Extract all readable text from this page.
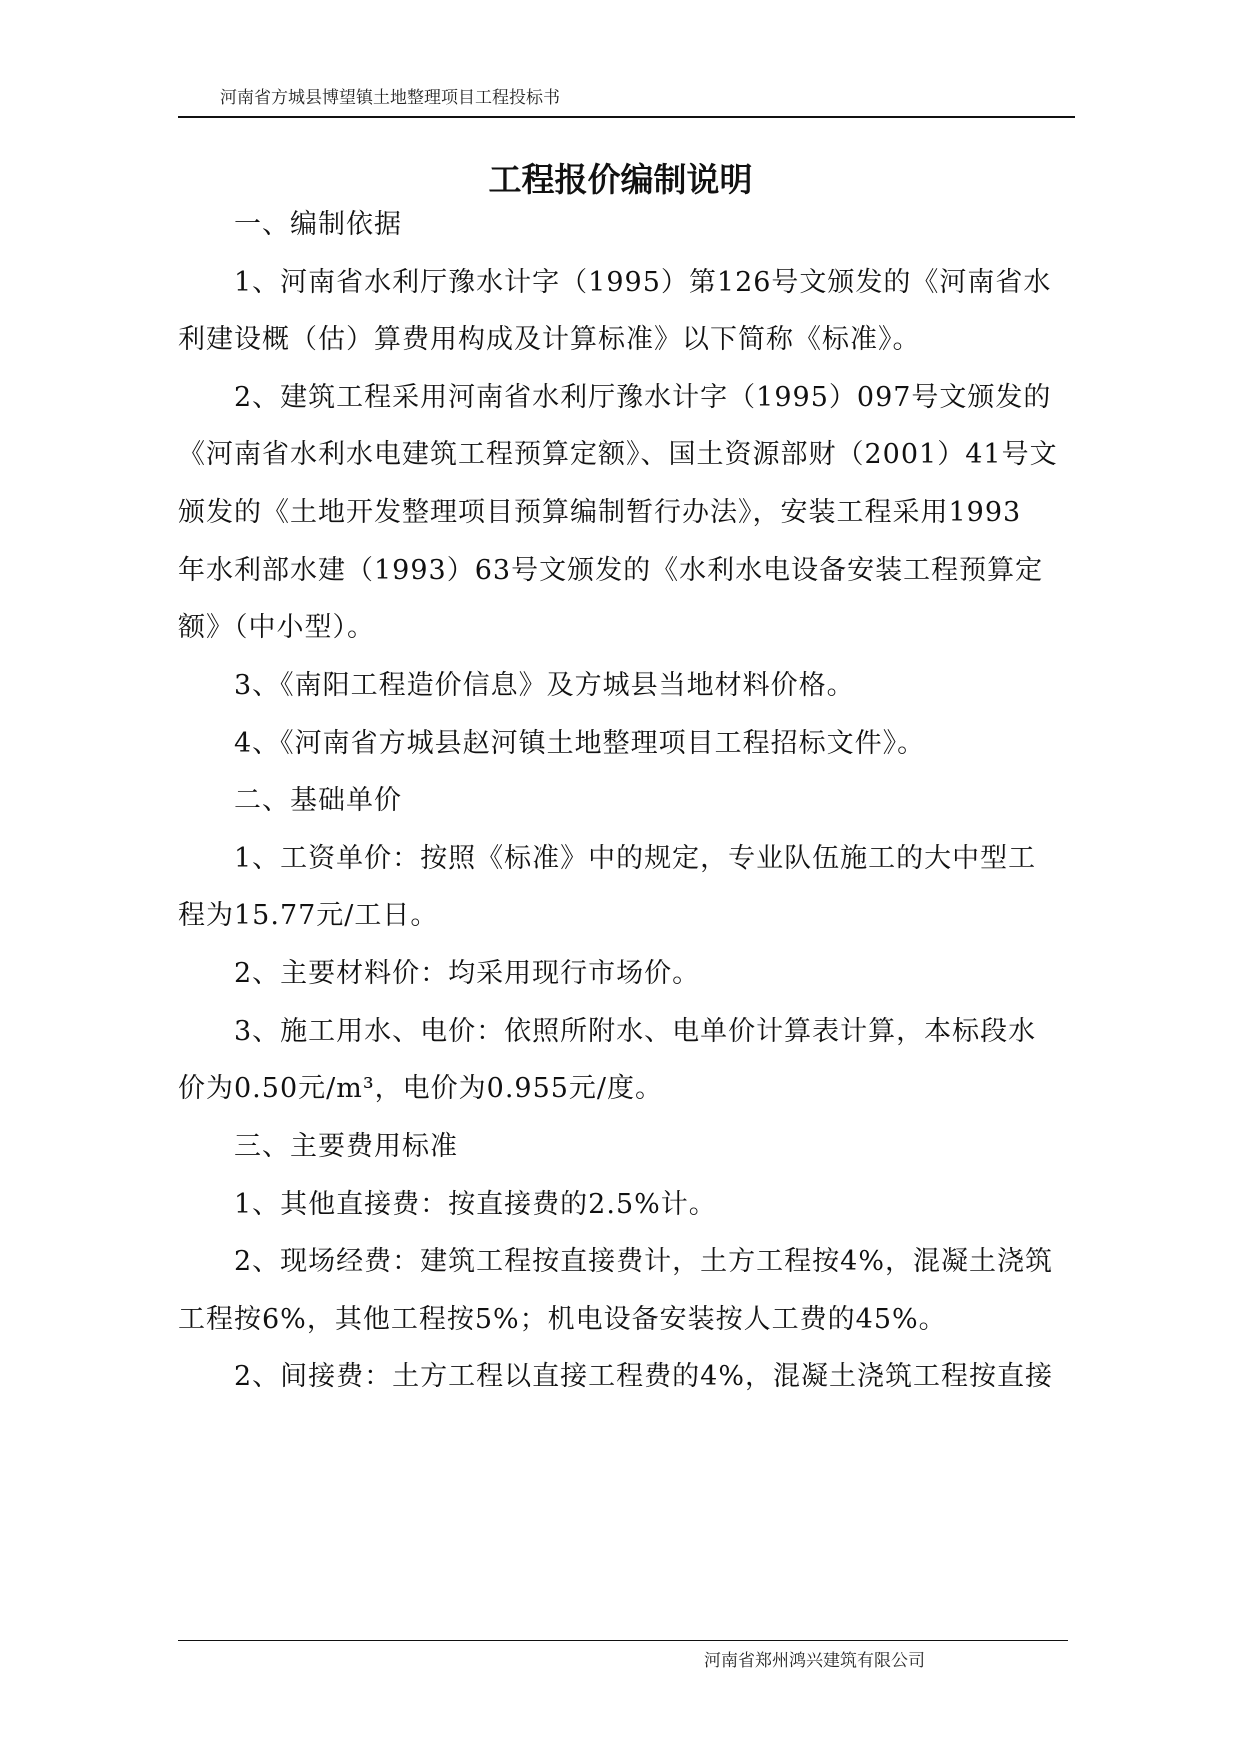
河南省方城县博望镇土地整理项目工程投标书
工程报价编制说明
一、编制依据
1、河南省水利厅豫水计字（1995）第126号文颁发的《河南省水
利建设概（估）算费用构成及计算标准》以下简称《标准》。
2、建筑工程采用河南省水利厅豫水计字（1995）097号文颁发的
《河南省水利水电建筑工程预算定额》、国土资源部财（2001）41号文
颁发的《土地开发整理项目预算编制暂行办法》，安装工程采用1993
年水利部水建（1993）63号文颁发的《水利水电设备安装工程预算定
额》（中小型）。
3、《南阳工程造价信息》及方城县当地材料价格。
4、《河南省方城县赵河镇土地整理项目工程招标文件》。
二、基础单价
1、工资单价：按照《标准》中的规定，专业队伍施工的大中型工
程为15.77元/工日。
2、主要材料价：均采用现行市场价。
3、施工用水、电价：依照所附水、电单价计算表计算，本标段水
价为0.50元/m³，电价为0.955元/度。
三、主要费用标准
1、其他直接费：按直接费的2.5%计。
2、现场经费：建筑工程按直接费计，土方工程按4%，混凝土浇筑
工程按6%，其他工程按5%；机电设备安装按人工费的45%。
2、间接费：土方工程以直接工程费的4%，混凝土浇筑工程按直接
河南省郑州鸿兴建筑有限公司
